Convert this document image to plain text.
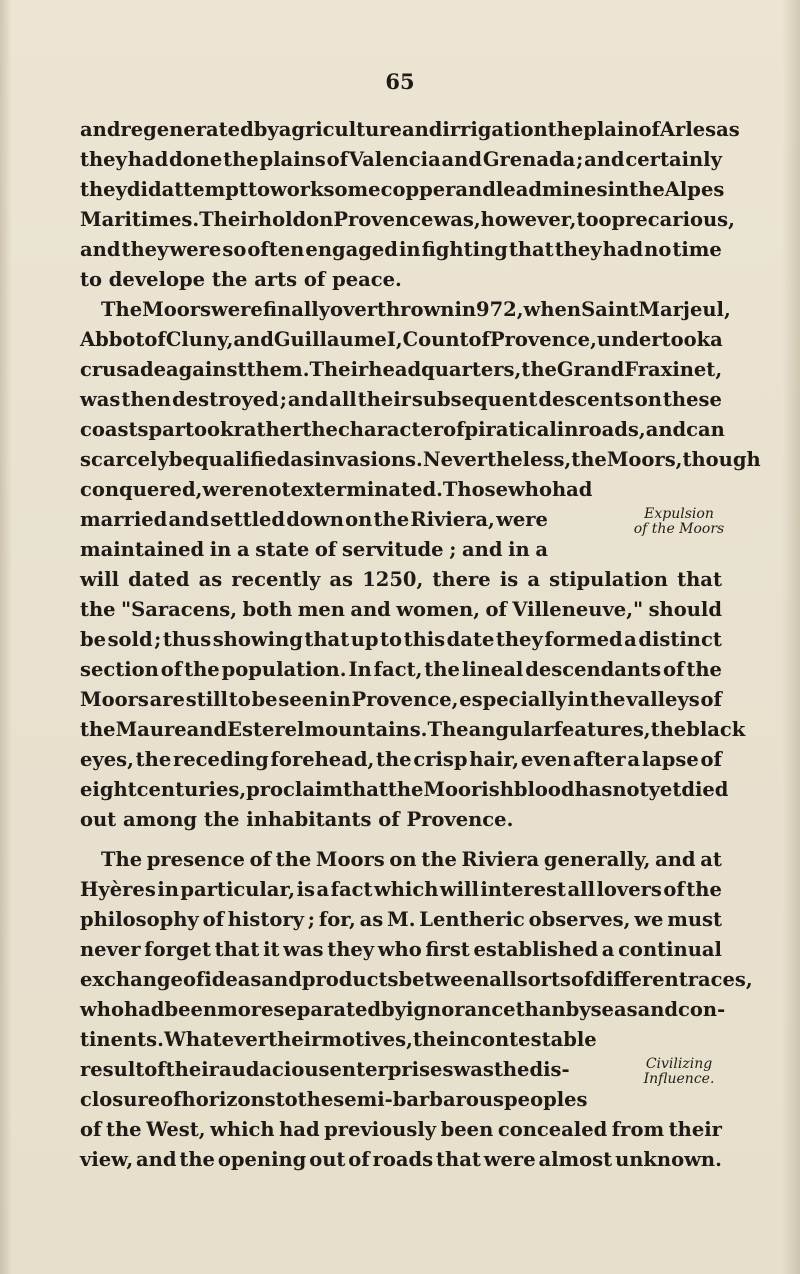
65
and regenerated by agriculture and irrigation the plain of Arles as
they had done the plains of Valencia and Grenada ; and certainly
they did attempt to work some copper and lead mines in the Alpes
Maritimes. Their hold on Provence was, however, too precarious,
and they were so often engaged in fighting that they had no time
to develope the arts of peace.
The Moors were finally overthrown in 972, when Saint Marjeul,
Abbot of Cluny, and Guillaume I, Count of Provence, undertook a
crusade against them. Their head quarters, the Grand Fraxinet,
was then destroyed ; and all their subsequent descents on these
coasts partook rather the character of piratical inroads, and can
scarcely be qualified as invasions. Nevertheless, the Moors, though
conquered, were not exterminated. Those who had
married and settled down on the Riviera, were
maintained in a state of servitude ; and in a
will dated as recently as 1250, there is a stipulation that
the "Saracens, both men and women, of Villeneuve," should
be sold ; thus showing that up to this date they formed a distinct
section of the population. In fact, the lineal descendants of the
Moors are still to be seen in Provence, especially in the valleys of
the Maure and Esterel mountains. The angular features, the black
eyes, the receding forehead, the crisp hair, even after a lapse of
eight centuries, proclaim that the Moorish blood has not yet died
out among the inhabitants of Provence.
The presence of the Moors on the Riviera generally, and at
Hyères in particular, is a fact which will interest all lovers of the
philosophy of history ; for, as M. Lentheric observes, we must
never forget that it was they who first established a continual
exchange of ideas and products between all sorts of different races,
who had been more separated by ignorance than by seas and con-
tinents. Whatever their motives, the incontestable
result of their audacious enterprises was the dis-
closure of horizons to the semi-barbarous peoples
of the West, which had previously been concealed from their
view, and the opening out of roads that were almost unknown.
Expulsion
of the Moors
Civilizing
Influence.
